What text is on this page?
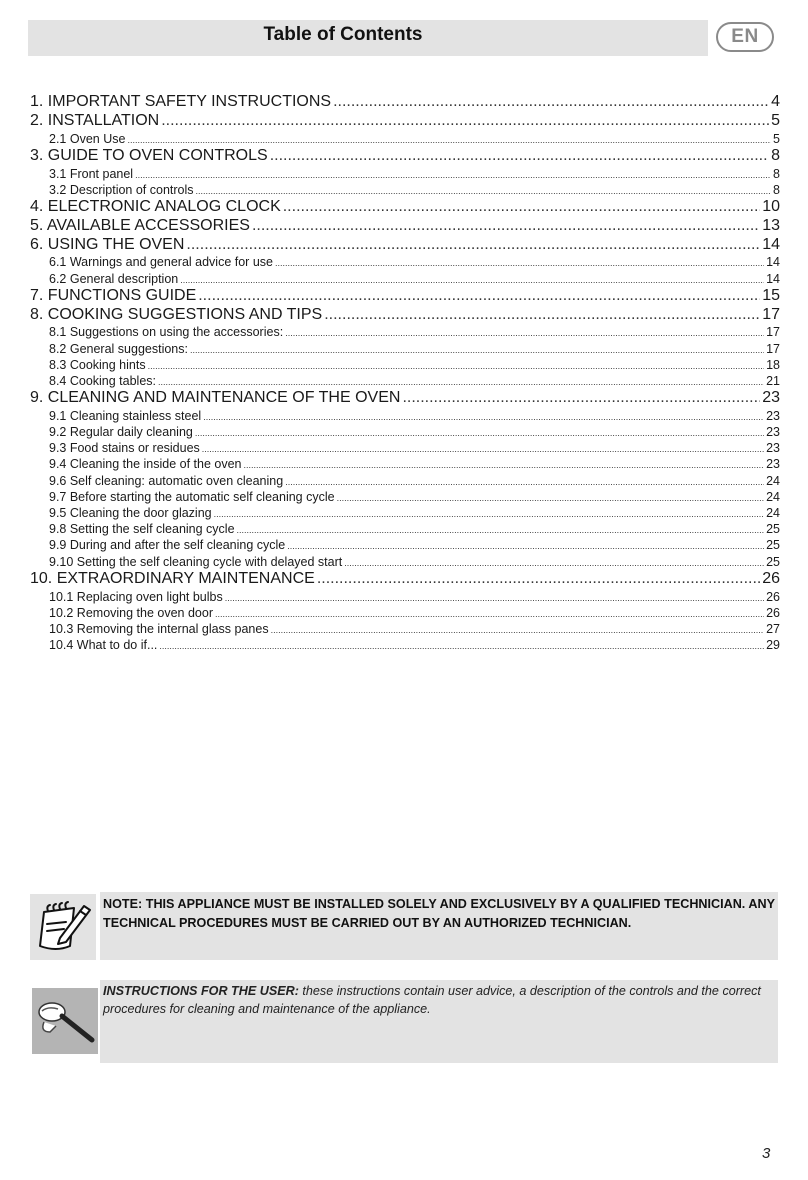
Table of Contents	EN
1. IMPORTANT SAFETY INSTRUCTIONS .....	4
2. INSTALLATION .....	5
2.1 Oven Use .....	5
3. GUIDE TO OVEN CONTROLS .....	8
3.1 Front panel .....	8
3.2 Description of controls .....	8
4. ELECTRONIC ANALOG CLOCK .....	10
5. AVAILABLE ACCESSORIES .....	13
6. USING THE OVEN .....	14
6.1 Warnings and general advice for use .....	14
6.2 General description .....	14
7. FUNCTIONS GUIDE .....	15
8. COOKING SUGGESTIONS AND TIPS .....	17
8.1 Suggestions on using the accessories: .....	17
8.2 General suggestions: .....	17
8.3 Cooking hints .....	18
8.4 Cooking tables: .....	21
9. CLEANING AND MAINTENANCE OF THE OVEN .....	23
9.1 Cleaning stainless steel .....	23
9.2 Regular daily cleaning .....	23
9.3 Food stains or residues .....	23
9.4 Cleaning the inside of the oven .....	23
9.6 Self cleaning: automatic oven cleaning .....	24
9.7 Before starting the automatic self cleaning cycle .....	24
9.5 Cleaning the door glazing .....	24
9.8 Setting the self cleaning cycle .....	25
9.9 During and after the self cleaning cycle .....	25
9.10 Setting the self cleaning cycle with delayed start .....	25
10. EXTRAORDINARY MAINTENANCE .....	26
10.1 Replacing oven light bulbs .....	26
10.2 Removing the oven door .....	26
10.3 Removing the internal glass panes .....	27
10.4 What to do if... .....	29
NOTE: THIS APPLIANCE MUST BE INSTALLED SOLELY AND EXCLUSIVELY BY A QUALIFIED TECHNICIAN. ANY TECHNICAL PROCEDURES MUST BE CARRIED OUT BY AN AUTHORIZED TECHNICIAN.
INSTRUCTIONS FOR THE USER: these instructions contain user advice, a description of the controls and the correct procedures for cleaning and maintenance of the appliance.
3
